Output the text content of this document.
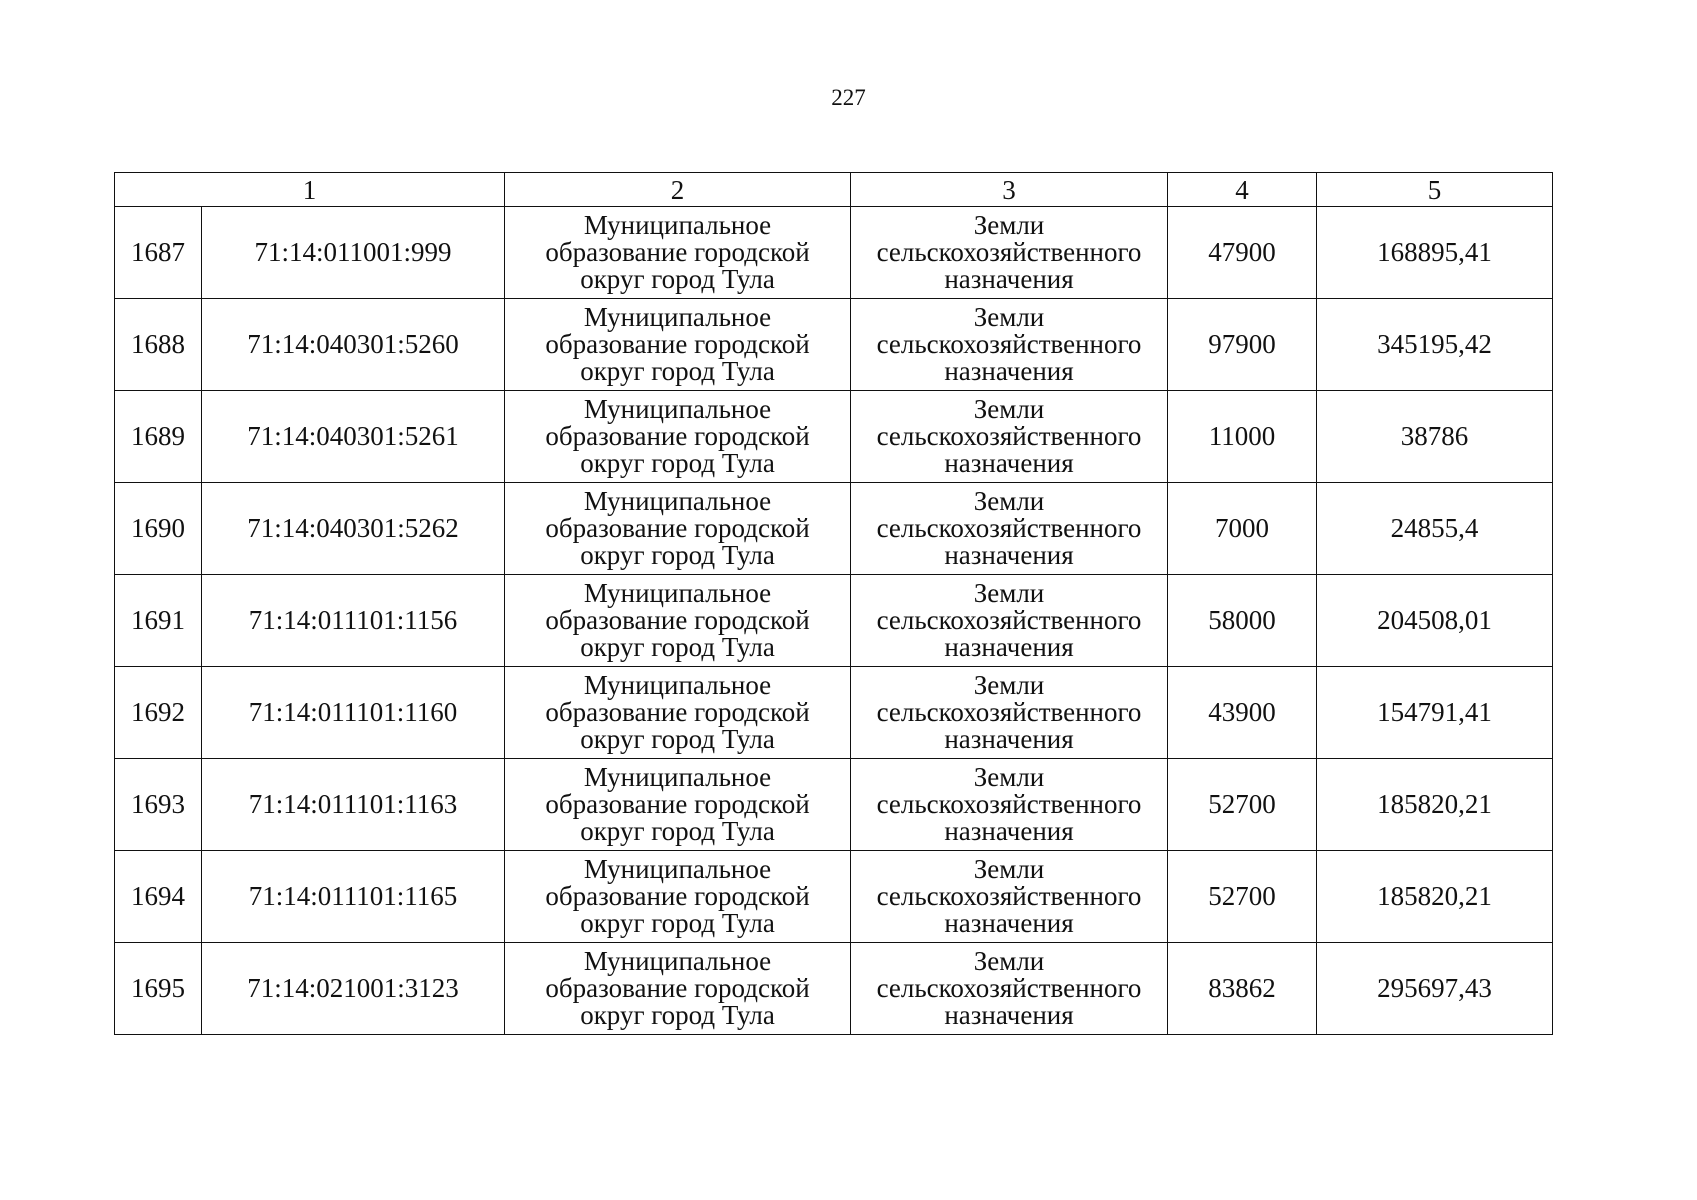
227
1		2	3	4	5
1687	71:14:011001:999	Муниципальное
образование городской
округ город Тула	Земли
сельскохозяйственного
назначения	47900	168895,41
1688	71:14:040301:5260	Муниципальное
образование городской
округ город Тула	Земли
сельскохозяйственного
назначения	97900	345195,42
1689	71:14:040301:5261	Муниципальное
образование городской
округ город Тула	Земли
сельскохозяйственного
назначения	11000	38786
1690	71:14:040301:5262	Муниципальное
образование городской
округ город Тула	Земли
сельскохозяйственного
назначения	7000	24855,4
1691	71:14:011101:1156	Муниципальное
образование городской
округ город Тула	Земли
сельскохозяйственного
назначения	58000	204508,01
1692	71:14:011101:1160	Муниципальное
образование городской
округ город Тула	Земли
сельскохозяйственного
назначения	43900	154791,41
1693	71:14:011101:1163	Муниципальное
образование городской
округ город Тула	Земли
сельскохозяйственного
назначения	52700	185820,21
1694	71:14:011101:1165	Муниципальное
образование городской
округ город Тула	Земли
сельскохозяйственного
назначения	52700	185820,21
1695	71:14:021001:3123	Муниципальное
образование городской
округ город Тула	Земли
сельскохозяйственного
назначения	83862	295697,43
